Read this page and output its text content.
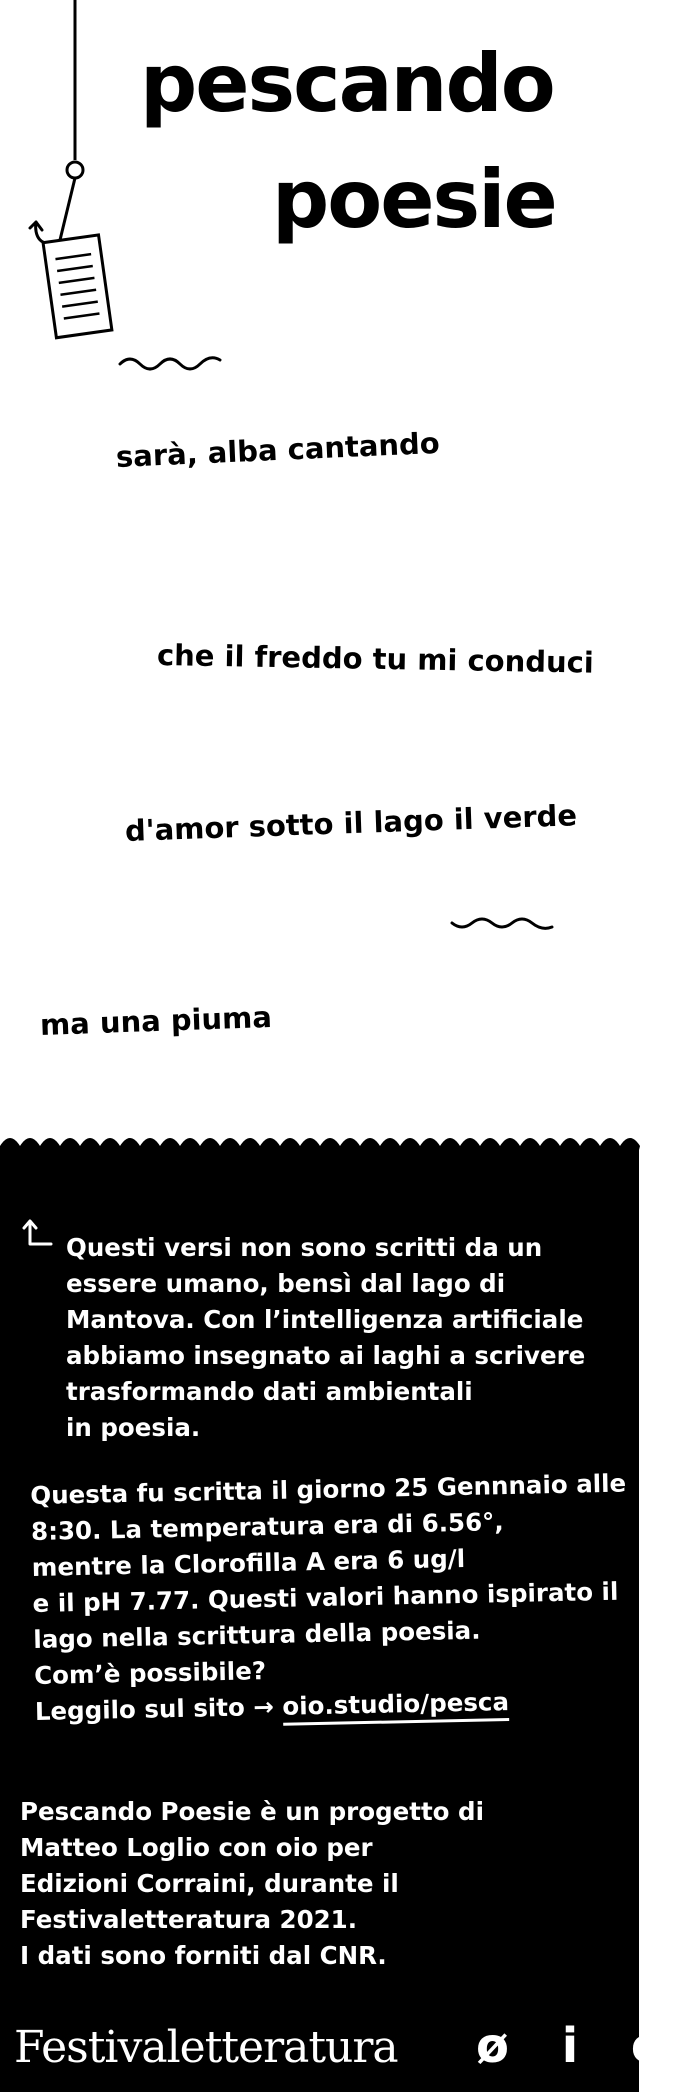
pescando
poesie
sarà, alba cantando
che il freddo tu mi conduci
d'amor sotto il lago il verde
ma una piuma
Questi versi non sono scritti da un
essere umano, bensì dal lago di
Mantova. Con l’intelligenza artificiale
abbiamo insegnato ai laghi a scrivere
trasformando dati ambientali
in poesia.
Questa fu scritta il giorno 25 Gennnaio alle
8:30. La temperatura era di 6.56°,
mentre la Clorofilla A era 6 ug/l
e il pH 7.77. Questi valori hanno ispirato il
lago nella scrittura della poesia.
Com’è possibile?
Leggilo sul sito → oio.studio/pesca
Pescando Poesie è un progetto di
Matteo Loglio con oio per
Edizioni Corraini, durante il
Festivaletteratura 2021.
I dati sono forniti dal CNR.
Festivaletteratura ø i o
